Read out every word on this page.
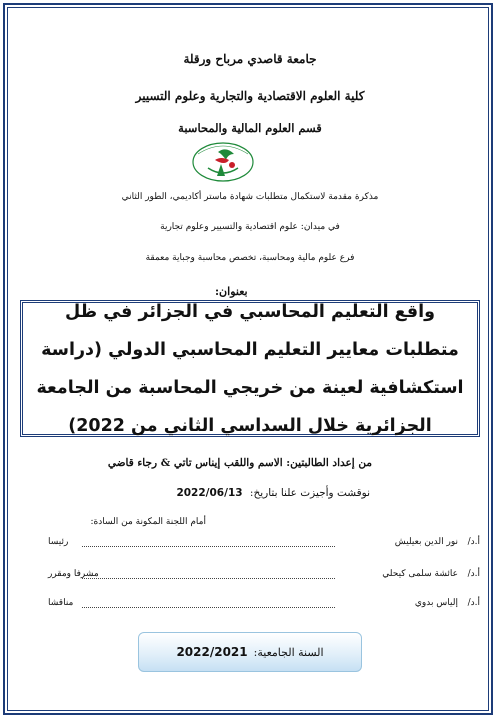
جامعة قاصدي مرباح ورقلة
كلية العلوم الاقتصادية والتجارية وعلوم التسيير
قسم العلوم المالية والمحاسبة
مذكرة مقدمة لاستكمال متطلبات شهادة ماستر أكاديمي، الطور الثاني
في ميدان: علوم اقتصادية والتسيير وعلوم تجارية
فرع علوم مالية ومحاسبة، تخصص محاسبة وجباية معمقة
بعنوان:
واقع التعليم المحاسبي في الجزائر في ظل متطلبات معايير التعليم المحاسبي الدولي (دراسة استكشافية لعينة من خريجي المحاسبة من الجامعة الجزائرية خلال السداسي الثاني من 2022)
من إعداد الطالبتين: الاسم واللقب إيناس تاتي & رجاء قاضي
نوقشت وأجيزت علنا بتاريخ: 2022/06/13
أمام اللجنة المكونة من السادة:
أ.د/
نور الدين بعيليش
رئيسا
أ.د/
عائشة سلمى كيحلي
مشرفا ومقرر
أ.د/
إلياس بدوي
مناقشا
السنة الجامعية:
2022/2021
